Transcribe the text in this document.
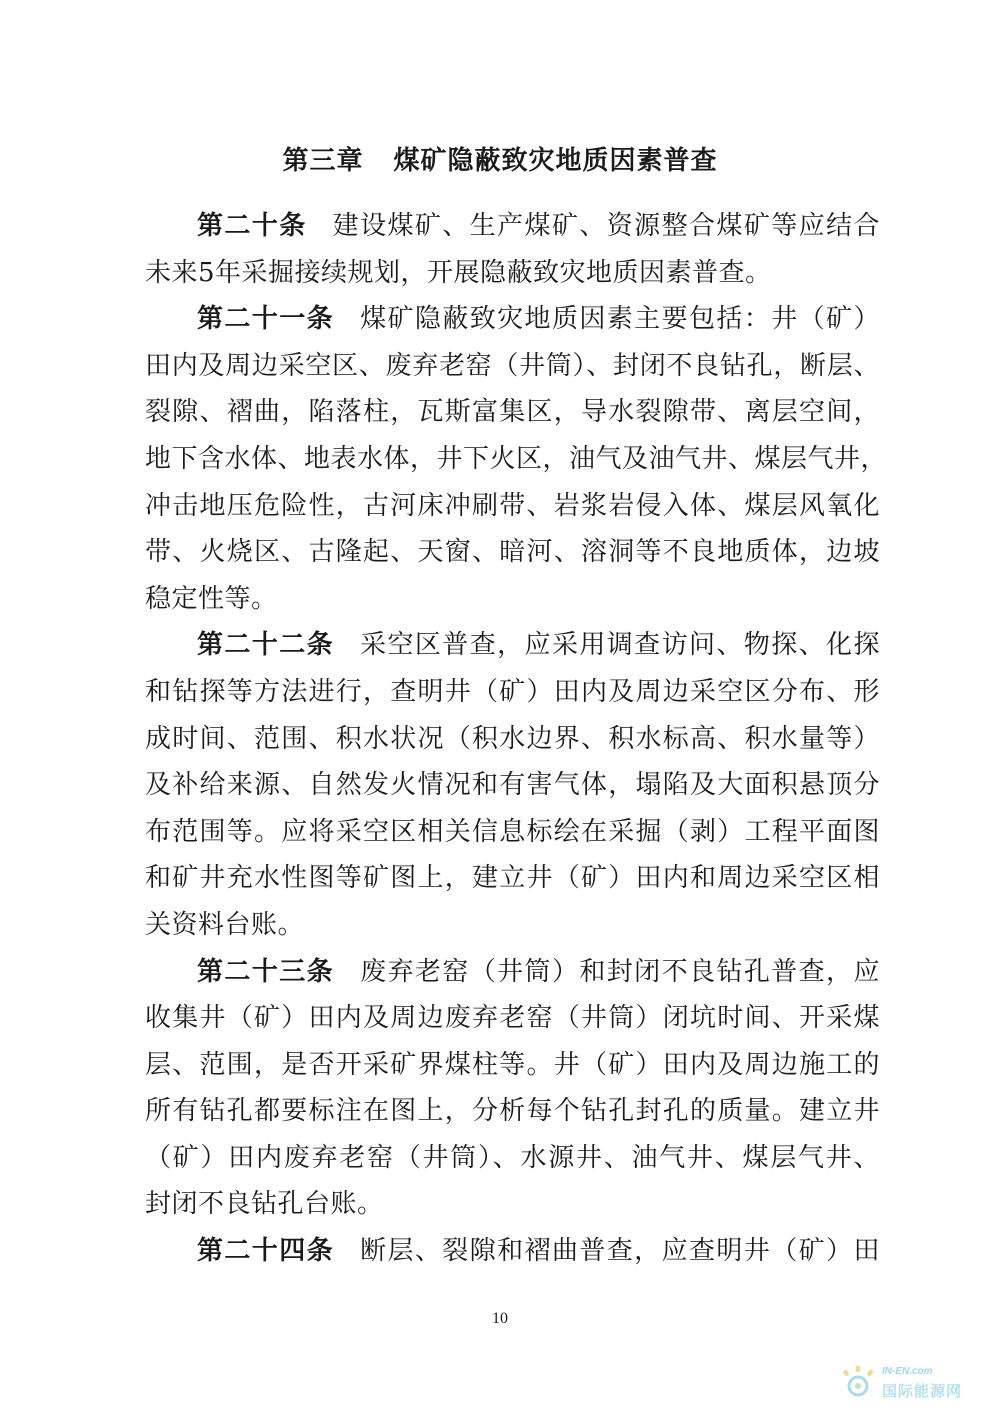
第三章 煤矿隐蔽致灾地质因素普查
第二十条 建设煤矿、生产煤矿、资源整合煤矿等应结合
未来5年采掘接续规划，开展隐蔽致灾地质因素普查。
第二十一条 煤矿隐蔽致灾地质因素主要包括：井（矿）
田内及周边采空区、废弃老窑（井筒）、封闭不良钻孔，断层、
裂隙、褶曲，陷落柱，瓦斯富集区，导水裂隙带、离层空间，
地下含水体、地表水体，井下火区，油气及油气井、煤层气井，
冲击地压危险性，古河床冲刷带、岩浆岩侵入体、煤层风氧化
带、火烧区、古隆起、天窗、暗河、溶洞等不良地质体，边坡
稳定性等。
第二十二条 采空区普查，应采用调查访问、物探、化探
和钻探等方法进行，查明井（矿）田内及周边采空区分布、形
成时间、范围、积水状况（积水边界、积水标高、积水量等）
及补给来源、自然发火情况和有害气体，塌陷及大面积悬顶分
布范围等。应将采空区相关信息标绘在采掘（剥）工程平面图
和矿井充水性图等矿图上，建立井（矿）田内和周边采空区相
关资料台账。
第二十三条 废弃老窑（井筒）和封闭不良钻孔普查，应
收集井（矿）田内及周边废弃老窑（井筒）闭坑时间、开采煤
层、范围，是否开采矿界煤柱等。井（矿）田内及周边施工的
所有钻孔都要标注在图上，分析每个钻孔封孔的质量。建立井
（矿）田内废弃老窑（井筒）、水源井、油气井、煤层气井、
封闭不良钻孔台账。
第二十四条 断层、裂隙和褶曲普查，应查明井（矿）田
10
IN-EN.com
国际能源网
